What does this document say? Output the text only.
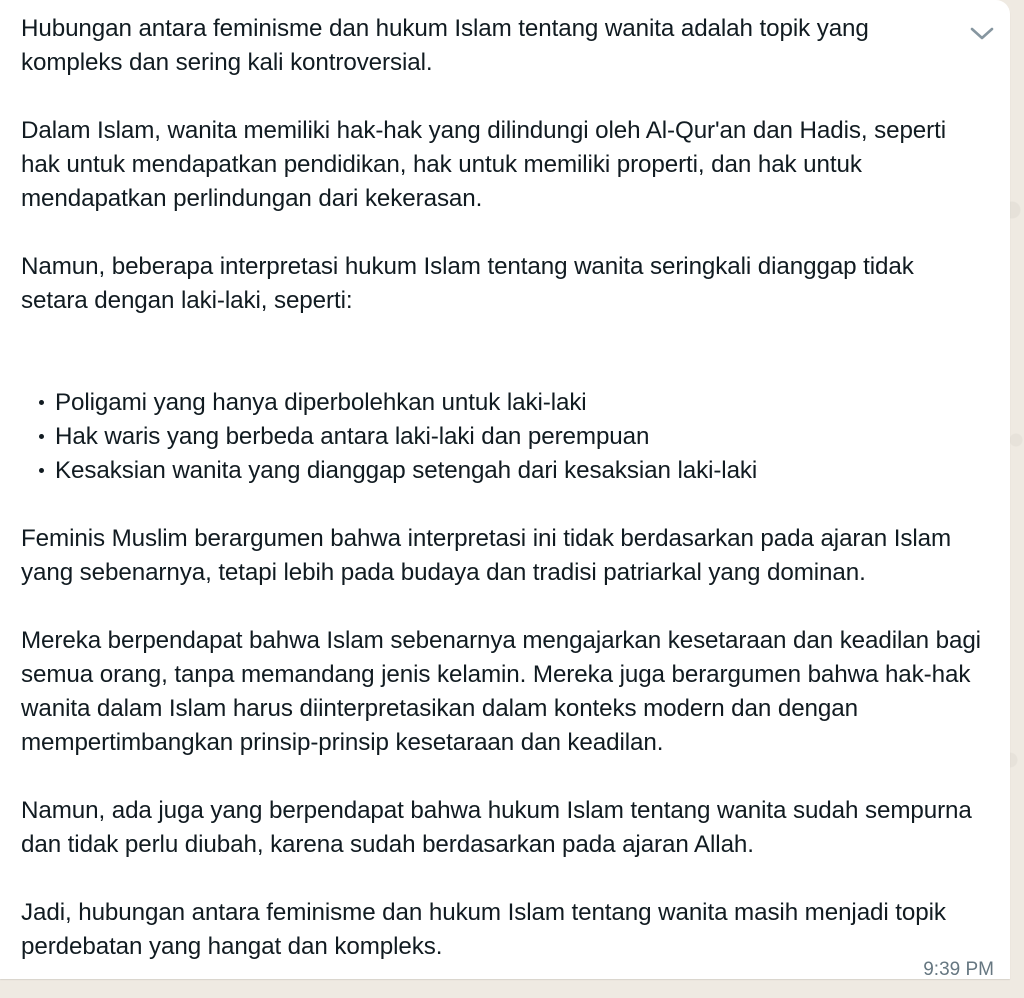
Hubungan antara feminisme dan hukum Islam tentang wanita adalah topik yang kompleks dan sering kali kontroversial.

Dalam Islam, wanita memiliki hak-hak yang dilindungi oleh Al-Qur'an dan Hadis, seperti hak untuk mendapatkan pendidikan, hak untuk memiliki properti, dan hak untuk mendapatkan perlindungan dari kekerasan.

Namun, beberapa interpretasi hukum Islam tentang wanita seringkali dianggap tidak setara dengan laki-laki, seperti:

Poligami yang hanya diperbolehkan untuk laki-laki
Hak waris yang berbeda antara laki-laki dan perempuan
Kesaksian wanita yang dianggap setengah dari kesaksian laki-laki

Feminis Muslim berargumen bahwa interpretasi ini tidak berdasarkan pada ajaran Islam yang sebenarnya, tetapi lebih pada budaya dan tradisi patriarkal yang dominan.

Mereka berpendapat bahwa Islam sebenarnya mengajarkan kesetaraan dan keadilan bagi semua orang, tanpa memandang jenis kelamin. Mereka juga berargumen bahwa hak-hak wanita dalam Islam harus diinterpretasikan dalam konteks modern dan dengan mempertimbangkan prinsip-prinsip kesetaraan dan keadilan.

Namun, ada juga yang berpendapat bahwa hukum Islam tentang wanita sudah sempurna dan tidak perlu diubah, karena sudah berdasarkan pada ajaran Allah.

Jadi, hubungan antara feminisme dan hukum Islam tentang wanita masih menjadi topik perdebatan yang hangat dan kompleks.

9:39 PM
